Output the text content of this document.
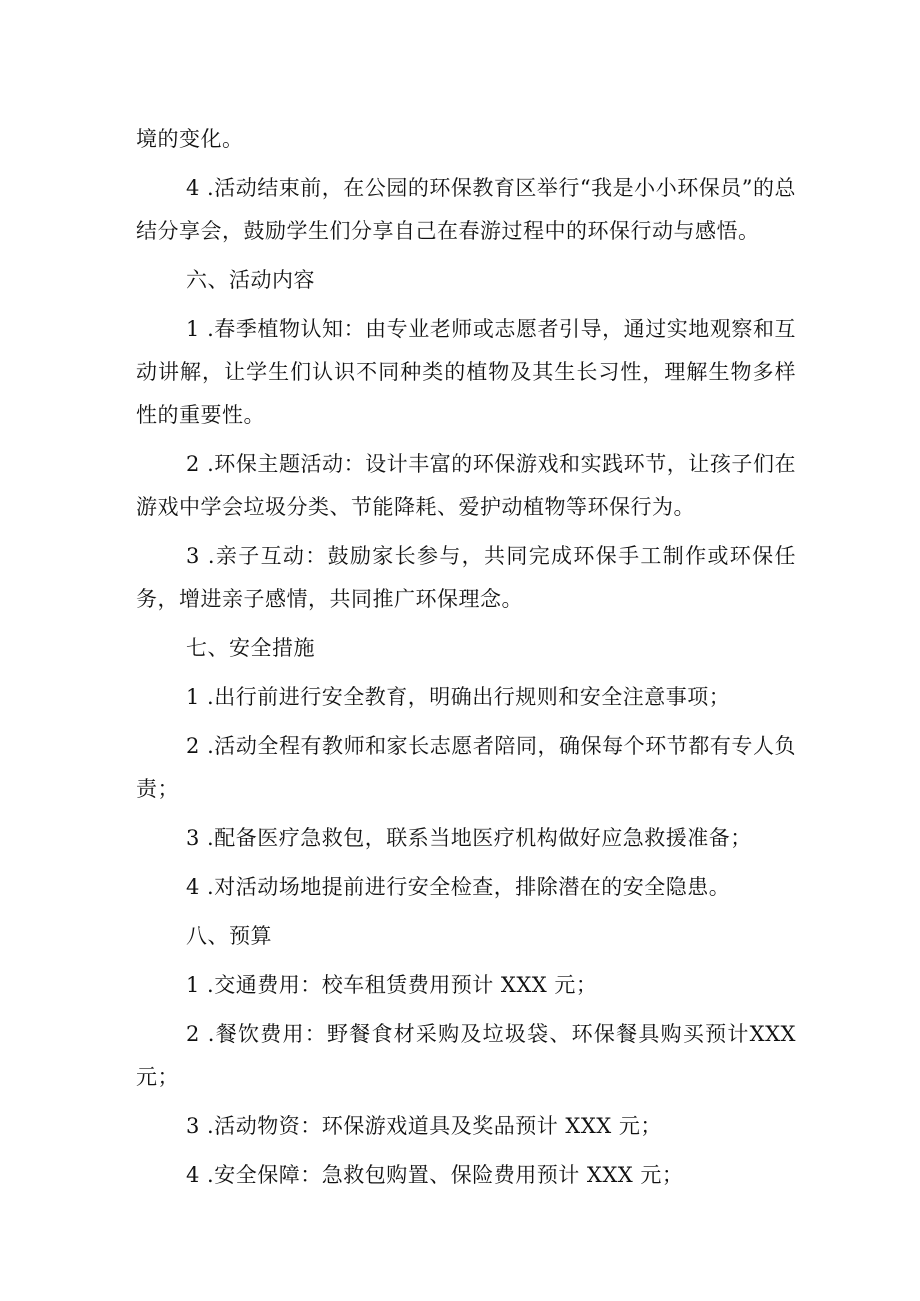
境的变化。

4 .活动结束前，在公园的环保教育区举行“我是小小环保员”的总结分享会，鼓励学生们分享自己在春游过程中的环保行动与感悟。

六、活动内容

1 .春季植物认知：由专业老师或志愿者引导，通过实地观察和互动讲解，让学生们认识不同种类的植物及其生长习性，理解生物多样性的重要性。

2 .环保主题活动：设计丰富的环保游戏和实践环节，让孩子们在游戏中学会垃圾分类、节能降耗、爱护动植物等环保行为。

3 .亲子互动：鼓励家长参与，共同完成环保手工制作或环保任务，增进亲子感情，共同推广环保理念。

七、安全措施

1 .出行前进行安全教育，明确出行规则和安全注意事项；

2 .活动全程有教师和家长志愿者陪同，确保每个环节都有专人负责；

3 .配备医疗急救包，联系当地医疗机构做好应急救援准备；

4 .对活动场地提前进行安全检查，排除潜在的安全隐患。

八、预算

1 .交通费用：校车租赁费用预计 XXX 元；

2 .餐饮费用：野餐食材采购及垃圾袋、环保餐具购买预计XXX 元；

3 .活动物资：环保游戏道具及奖品预计 XXX 元；

4 .安全保障：急救包购置、保险费用预计 XXX 元；
